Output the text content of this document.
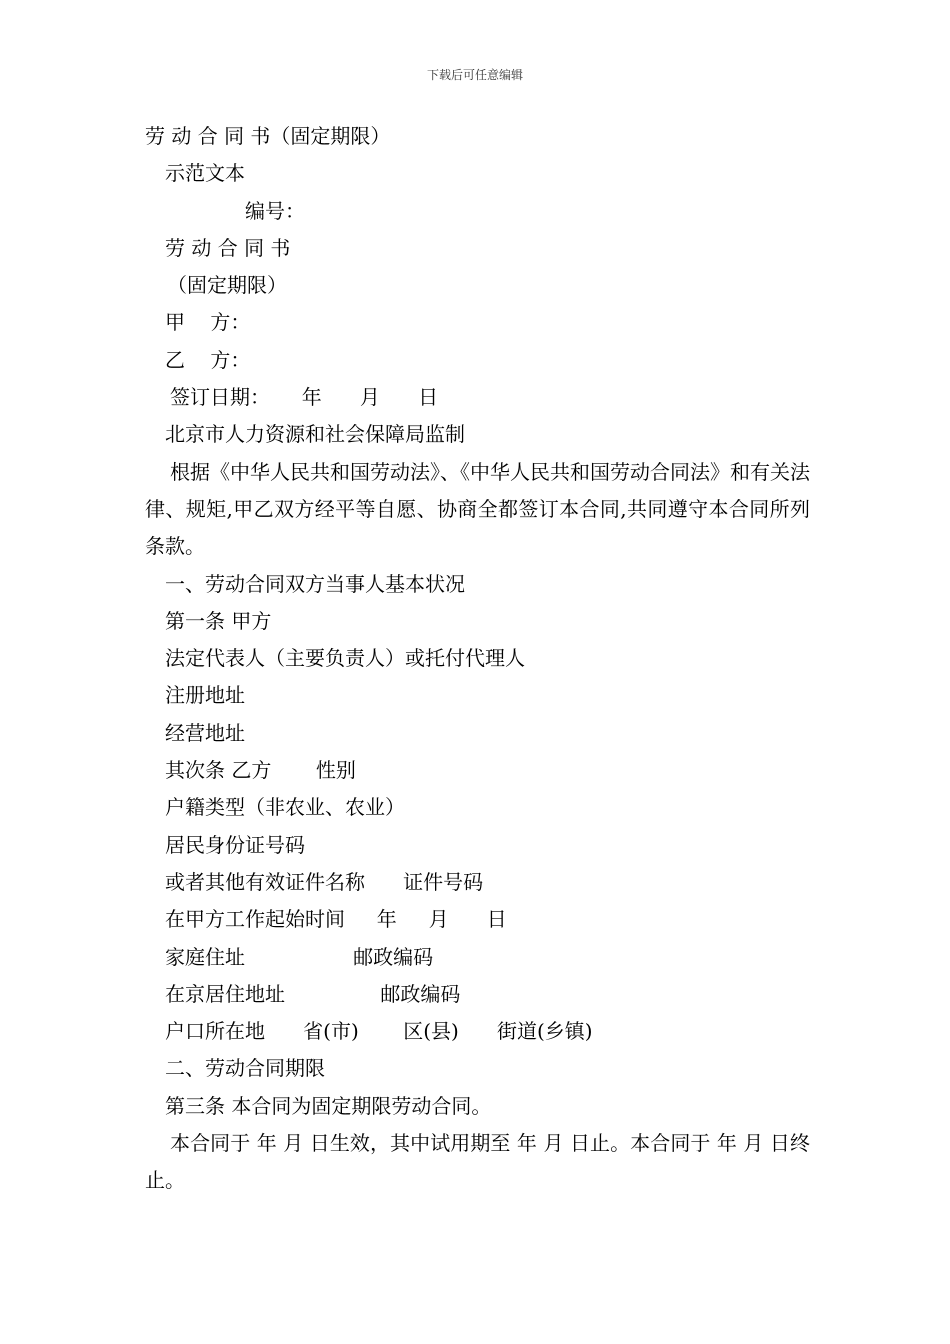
下载后可任意编辑
劳 动 合 同 书（固定期限）
示范文本
编号：
劳 动 合 同 书
（固定期限）
甲    方：
乙    方：
签订日期：     年      月      日
北京市人力资源和社会保障局监制
根据《中华人民共和国劳动法》、《中华人民共和国劳动合同法》和有关法律、规矩,甲乙双方经平等自愿、协商全都签订本合同,共同遵守本合同所列条款。
一、劳动合同双方当事人基本状况
第一条 甲方
法定代表人（主要负责人）或托付代理人
注册地址
经营地址
其次条 乙方       性别
户籍类型（非农业、农业）
居民身份证号码
或者其他有效证件名称      证件号码
在甲方工作起始时间     年     月      日
家庭住址                 邮政编码
在京居住地址               邮政编码
户口所在地      省(市)       区(县)      街道(乡镇)
二、劳动合同期限
第三条 本合同为固定期限劳动合同。
本合同于 年 月 日生效，其中试用期至 年 月 日止。本合同于 年 月 日终止。
